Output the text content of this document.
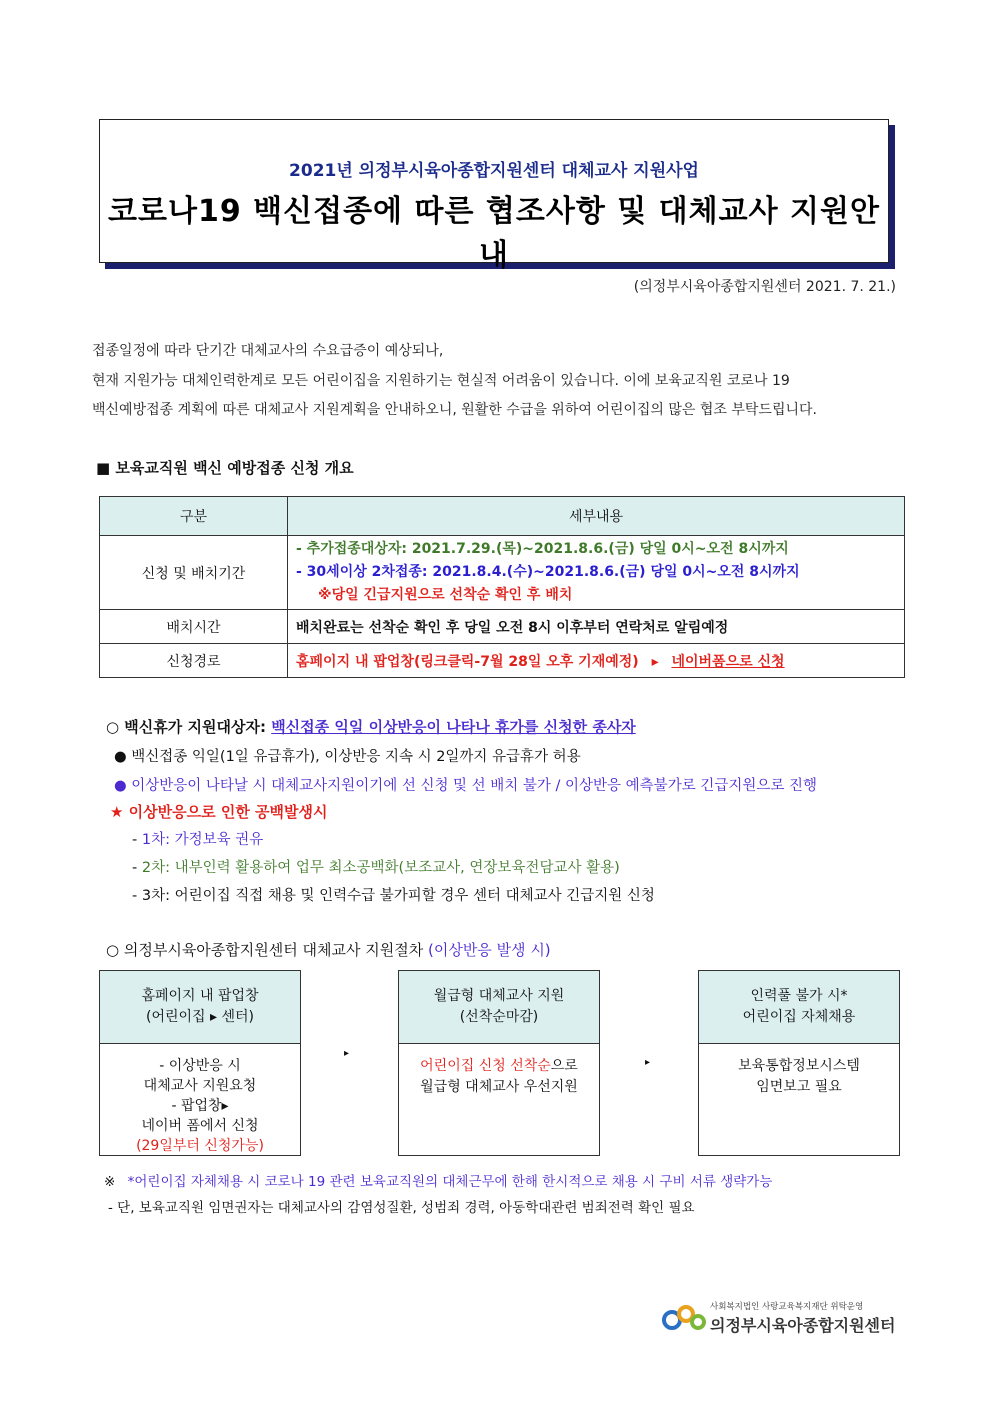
2021년 의정부시육아종합지원센터 대체교사 지원사업
코로나19 백신접종에 따른 협조사항 및 대체교사 지원안내
(의정부시육아종합지원센터 2021. 7. 21.)
접종일정에 따라 단기간 대체교사의 수요급증이 예상되나,
현재 지원가능 대체인력한계로 모든 어린이집을 지원하기는 현실적 어려움이 있습니다. 이에 보육교직원 코로나 19
백신예방접종 계획에 따른 대체교사 지원계획을 안내하오니, 원활한 수급을 위하여 어린이집의 많은 협조 부탁드립니다.
■ 보육교직원 백신 예방접종 신청 개요
구분	세부내용
신청 및 배치기간	- 추가접종대상자: 2021.7.29.(목)~2021.8.6.(금) 당일 0시~오전 8시까지
- 30세이상 2차접종: 2021.8.4.(수)~2021.8.6.(금) 당일 0시~오전 8시까지
※당일 긴급지원으로 선착순 확인 후 배치

배치시간	배치완료는 선착순 확인 후 당일 오전 8시 이후부터 연락처로 알림예정
신청경로	홈페이지 내 팝업창(링크클릭-7월 28일 오후 기재예정) ▸ 네이버폼으로 신청
○ 백신휴가 지원대상자: 백신접종 익일 이상반응이 나타나 휴가를 신청한 종사자
● 백신접종 익일(1일 유급휴가), 이상반응 지속 시 2일까지 유급휴가 허용
● 이상반응이 나타날 시 대체교사지원이기에 선 신청 및 선 배치 불가 / 이상반응 예측불가로 긴급지원으로 진행
★ 이상반응으로 인한 공백발생시
- 1차: 가정보육 권유
- 2차: 내부인력 활용하여 업무 최소공백화(보조교사, 연장보육전담교사 활용)
- 3차: 어린이집 직접 채용 및 인력수급 불가피할 경우 센터 대체교사 긴급지원 신청
○ 의정부시육아종합지원센터 대체교사 지원절차 (이상반응 발생 시)
홈페이지 내 팝업창
(어린이집 ▸ 센터)
- 이상반응 시
대체교사 지원요청
- 팝업창▸
네이버 폼에서 신청
(29일부터 신청가능)
▸
월급형 대체교사 지원
(선착순마감)
어린이집 신청 선착순으로
월급형 대체교사 우선지원
▸
인력풀 불가 시*
어린이집 자체채용
보육통합정보시스템
임면보고 필요
※ *어린이집 자체채용 시 코로나 19 관련 보육교직원의 대체근무에 한해 한시적으로 채용 시 구비 서류 생략가능
- 단, 보육교직원 임면권자는 대체교사의 감염성질환, 성범죄 경력, 아동학대관련 범죄전력 확인 필요
사회복지법인 사랑교육복지재단 위탁운영
의정부시육아종합지원센터
